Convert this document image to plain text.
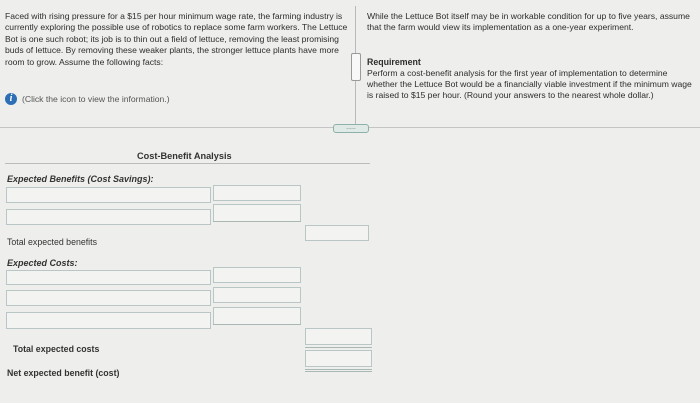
Faced with rising pressure for a $15 per hour minimum wage rate, the farming industry is currently exploring the possible use of robotics to replace some farm workers. The Lettuce Bot is one such robot; its job is to thin out a field of lettuce, removing the least promising buds of lettuce. By removing these weaker plants, the stronger lettuce plants have more room to grow. Assume the following facts:
i	(Click the icon to view the information.)
While the Lettuce Bot itself may be in workable condition for up to five years, assume that the farm would view its implementation as a one-year experiment.
Requirement
Perform a cost-benefit analysis for the first year of implementation to determine whether the Lettuce Bot would be a financially viable investment if the minimum wage is raised to $15 per hour. (Round your answers to the nearest whole dollar.)
.....
Cost-Benefit Analysis
Expected Benefits (Cost Savings):
Total expected benefits
Expected Costs:
Total expected costs
Net expected benefit (cost)
